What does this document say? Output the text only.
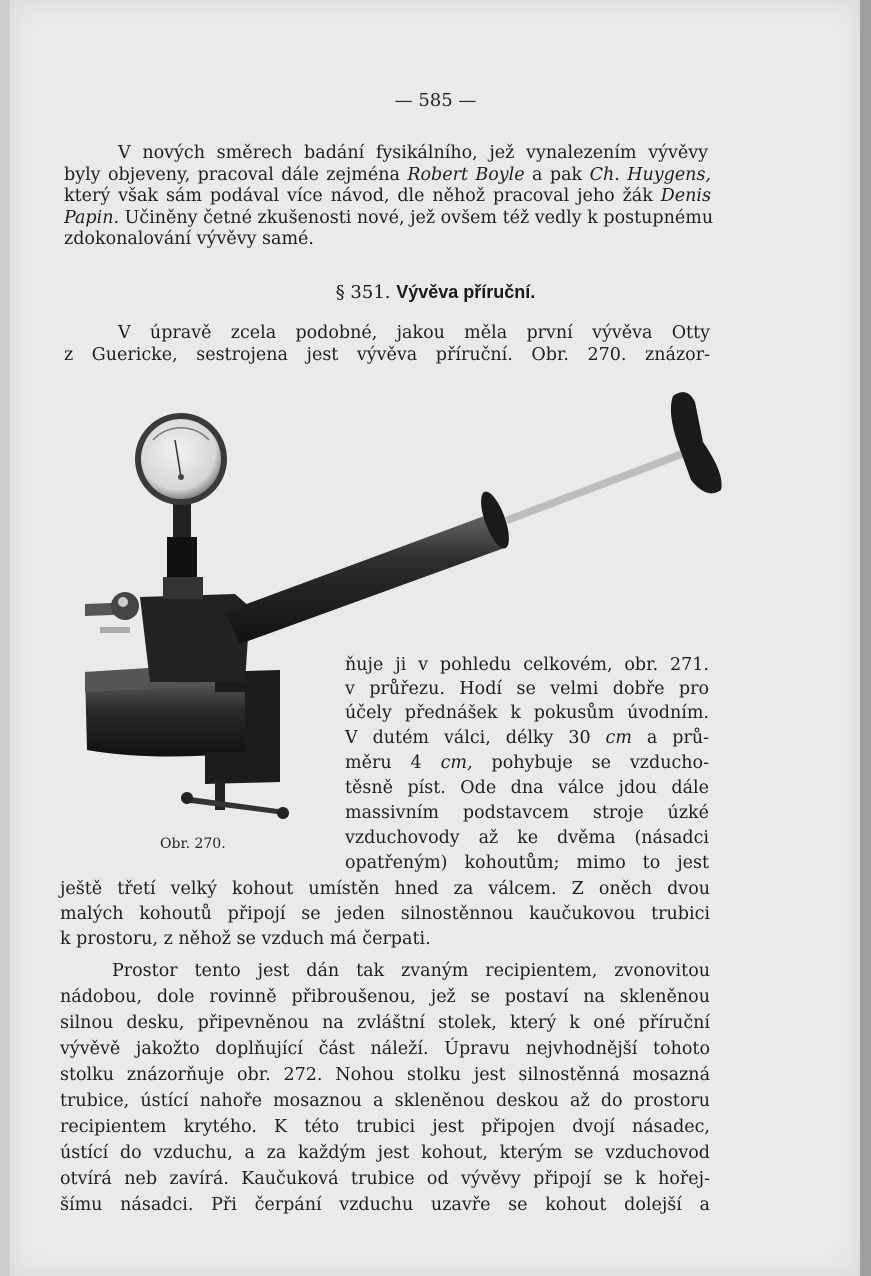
— 585 —
V nových směrech badání fysikálního, jež vynalezením vývěvy
byly objeveny, pracoval dále zejména Robert Boyle a pak Ch. Huygens,
který však sám podával více návod, dle něhož pracoval jeho žák Denis
Papin. Učiněny četné zkušenosti nové, jež ovšem též vedly k postupnému
zdokonalování vývěvy samé.
§ 351. Vývěva příruční.
V úpravě zcela podobné, jakou měla první vývěva Otty
z Guericke, sestrojena jest vývěva příruční. Obr. 270. znázor-
Obr. 270.
ňuje ji v pohledu celkovém, obr. 271.
v průřezu. Hodí se velmi dobře pro
účely přednášek k pokusům úvodním.
V dutém válci, délky 30 cm a prů-
měru 4 cm, pohybuje se vzducho-
těsně píst. Ode dna válce jdou dále
massivním podstavcem stroje úzké
vzduchovody až ke dvěma (násadci
opatřeným) kohoutům; mimo to jest
ještě třetí velký kohout umístěn hned za válcem. Z oněch dvou
malých kohoutů připojí se jeden silnostěnnou kaučukovou trubici
k prostoru, z něhož se vzduch má čerpati.
Prostor tento jest dán tak zvaným recipientem, zvonovitou
nádobou, dole rovinně přibroušenou, jež se postaví na skleněnou
silnou desku, připevněnou na zvláštní stolek, který k oné příruční
vývěvě jakožto doplňující část náleží. Úpravu nejvhodnější tohoto
stolku znázorňuje obr. 272. Nohou stolku jest silnostěnná mosazná
trubice, ústící nahoře mosaznou a skleněnou deskou až do prostoru
recipientem krytého. K této trubici jest připojen dvojí násadec,
ústící do vzduchu, a za každým jest kohout, kterým se vzduchovod
otvírá neb zavírá. Kaučuková trubice od vývěvy připojí se k hořej-
šímu násadci. Při čerpání vzduchu uzavře se kohout dolejší a
